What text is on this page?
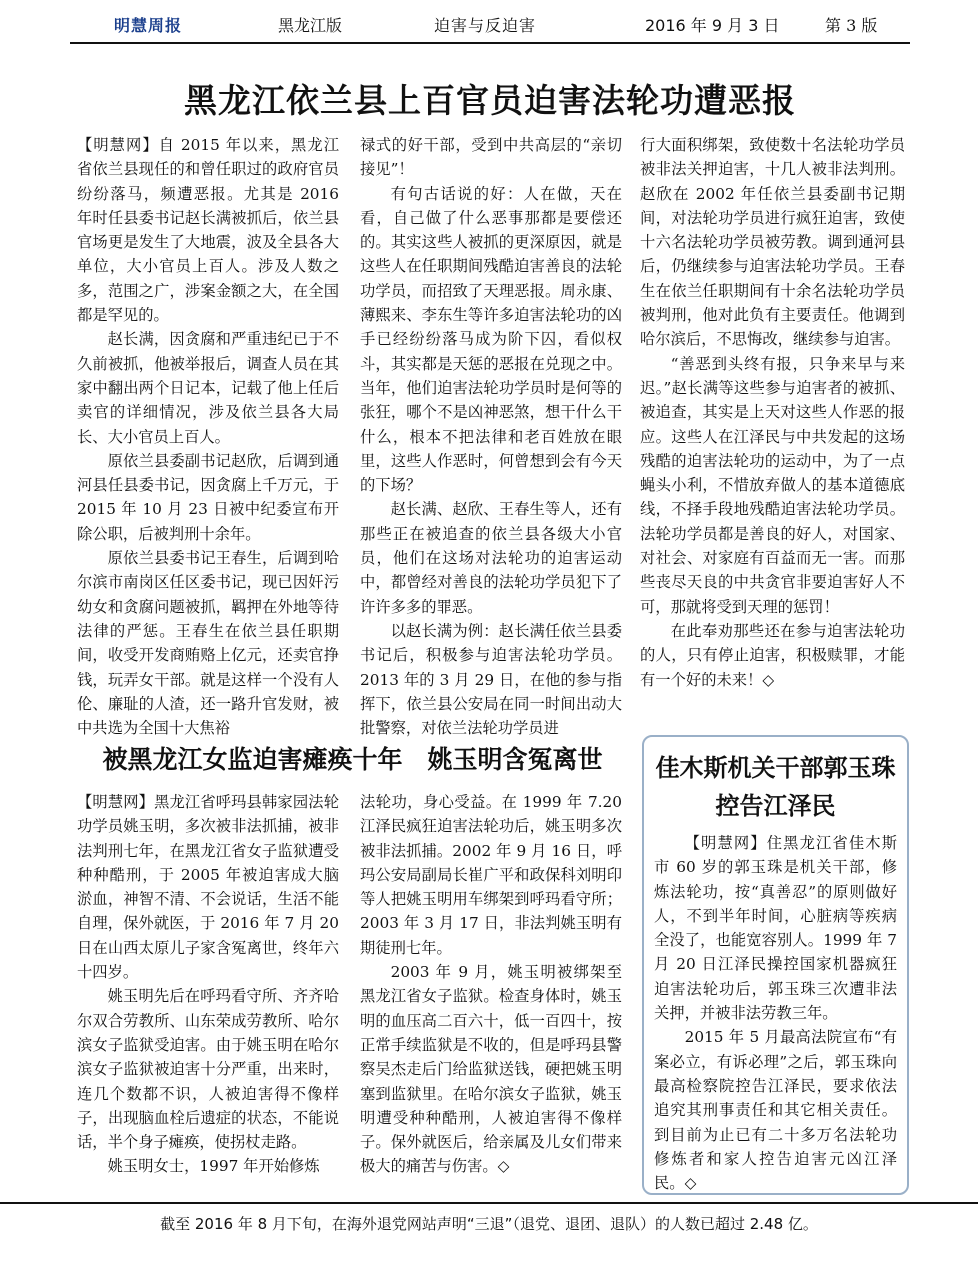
明慧周报	黑龙江版	迫害与反迫害	2016 年 9 月 3 日	第 3 版
黑龙江依兰县上百官员迫害法轮功遭恶报

【明慧网】自 2015 年以来，黑龙江省依兰县现任的和曾任职过的政府官员纷纷落马，频遭恶报。尤其是 2016 年时任县委书记赵长满被抓后，依兰县官场更是发生了大地震，波及全县各大单位，大小官员上百人。涉及人数之多，范围之广，涉案金额之大，在全国都是罕见的。

赵长满，因贪腐和严重违纪已于不久前被抓，他被举报后，调查人员在其家中翻出两个日记本，记载了他上任后卖官的详细情况，涉及依兰县各大局长、大小官员上百人。

原依兰县委副书记赵欣，后调到通河县任县委书记，因贪腐上千万元，于 2015 年 10 月 23 日被中纪委宣布开除公职，后被判刑十余年。

原依兰县委书记王春生，后调到哈尔滨市南岗区任区委书记，现已因奸污幼女和贪腐问题被抓，羁押在外地等待法律的严惩。王春生在依兰县任职期间，收受开发商贿赂上亿元，还卖官挣钱，玩弄女干部。就是这样一个没有人伦、廉耻的人渣，还一路升官发财，被中共选为全国十大焦裕

禄式的好干部，受到中共高层的“亲切接见”！

有句古话说的好：人在做，天在看，自己做了什么恶事那都是要偿还的。其实这些人被抓的更深原因，就是这些人在任职期间残酷迫害善良的法轮功学员，而招致了天理恶报。周永康、薄熙来、李东生等许多迫害法轮功的凶手已经纷纷落马成为阶下囚，看似权斗，其实都是天惩的恶报在兑现之中。当年，他们迫害法轮功学员时是何等的张狂，哪个不是凶神恶煞，想干什么干什么，根本不把法律和老百姓放在眼里，这些人作恶时，何曾想到会有今天的下场？

赵长满、赵欣、王春生等人，还有那些正在被追查的依兰县各级大小官员，他们在这场对法轮功的迫害运动中，都曾经对善良的法轮功学员犯下了许许多多的罪恶。

以赵长满为例：赵长满任依兰县委书记后，积极参与迫害法轮功学员。2013 年的 3 月 29 日，在他的参与指挥下，依兰县公安局在同一时间出动大批警察，对依兰法轮功学员进

行大面积绑架，致使数十名法轮功学员被非法关押迫害，十几人被非法判刑。赵欣在 2002 年任依兰县委副书记期间，对法轮功学员进行疯狂迫害，致使十六名法轮功学员被劳教。调到通河县后，仍继续参与迫害法轮功学员。王春生在依兰任职期间有十余名法轮功学员被判刑，他对此负有主要责任。他调到哈尔滨后，不思悔改，继续参与迫害。

“善恶到头终有报，只争来早与来迟。”赵长满等这些参与迫害者的被抓、被追查，其实是上天对这些人作恶的报应。这些人在江泽民与中共发起的这场残酷的迫害法轮功的运动中，为了一点蝇头小利，不惜放弃做人的基本道德底线，不择手段地残酷迫害法轮功学员。法轮功学员都是善良的好人，对国家、对社会、对家庭有百益而无一害。而那些丧尽天良的中共贪官非要迫害好人不可，那就将受到天理的惩罚！

在此奉劝那些还在参与迫害法轮功的人，只有停止迫害，积极赎罪，才能有一个好的未来！◇

被黑龙江女监迫害瘫痪十年　姚玉明含冤离世

【明慧网】黑龙江省呼玛县韩家园法轮功学员姚玉明，多次被非法抓捕，被非法判刑七年，在黑龙江省女子监狱遭受种种酷刑，于 2005 年被迫害成大脑淤血，神智不清、不会说话，生活不能自理，保外就医，于 2016 年 7 月 20 日在山西太原儿子家含冤离世，终年六十四岁。

姚玉明先后在呼玛看守所、齐齐哈尔双合劳教所、山东荣成劳教所、哈尔滨女子监狱受迫害。由于姚玉明在哈尔滨女子监狱被迫害十分严重，出来时，连几个数都不识，人被迫害得不像样子，出现脑血栓后遗症的状态，不能说话，半个身子瘫痪，使拐杖走路。

姚玉明女士，1997 年开始修炼

法轮功，身心受益。在 1999 年 7.20 江泽民疯狂迫害法轮功后，姚玉明多次被非法抓捕。2002 年 9 月 16 日，呼玛公安局副局长崔广平和政保科刘明印等人把姚玉明用车绑架到呼玛看守所；2003 年 3 月 17 日，非法判姚玉明有期徒刑七年。

2003 年 9 月，姚玉明被绑架至黑龙江省女子监狱。检查身体时，姚玉明的血压高二百六十，低一百四十，按正常手续监狱是不收的，但是呼玛县警察吴杰走后门给监狱送钱，硬把姚玉明塞到监狱里。在哈尔滨女子监狱，姚玉明遭受种种酷刑，人被迫害得不像样子。保外就医后，给亲属及儿女们带来极大的痛苦与伤害。◇

佳木斯机关干部郭玉珠
控告江泽民

【明慧网】住黑龙江省佳木斯市 60 岁的郭玉珠是机关干部，修炼法轮功，按“真善忍”的原则做好人，不到半年时间，心脏病等疾病全没了，也能宽容别人。1999 年 7 月 20 日江泽民操控国家机器疯狂迫害法轮功后，郭玉珠三次遭非法关押，并被非法劳教三年。

2015 年 5 月最高法院宣布“有案必立，有诉必理”之后，郭玉珠向最高检察院控告江泽民，要求依法追究其刑事责任和其它相关责任。到目前为止已有二十多万名法轮功修炼者和家人控告迫害元凶江泽民。◇

截至 2016 年 8 月下旬，在海外退党网站声明“三退”（退党、退团、退队）的人数已超过 2.48 亿。
